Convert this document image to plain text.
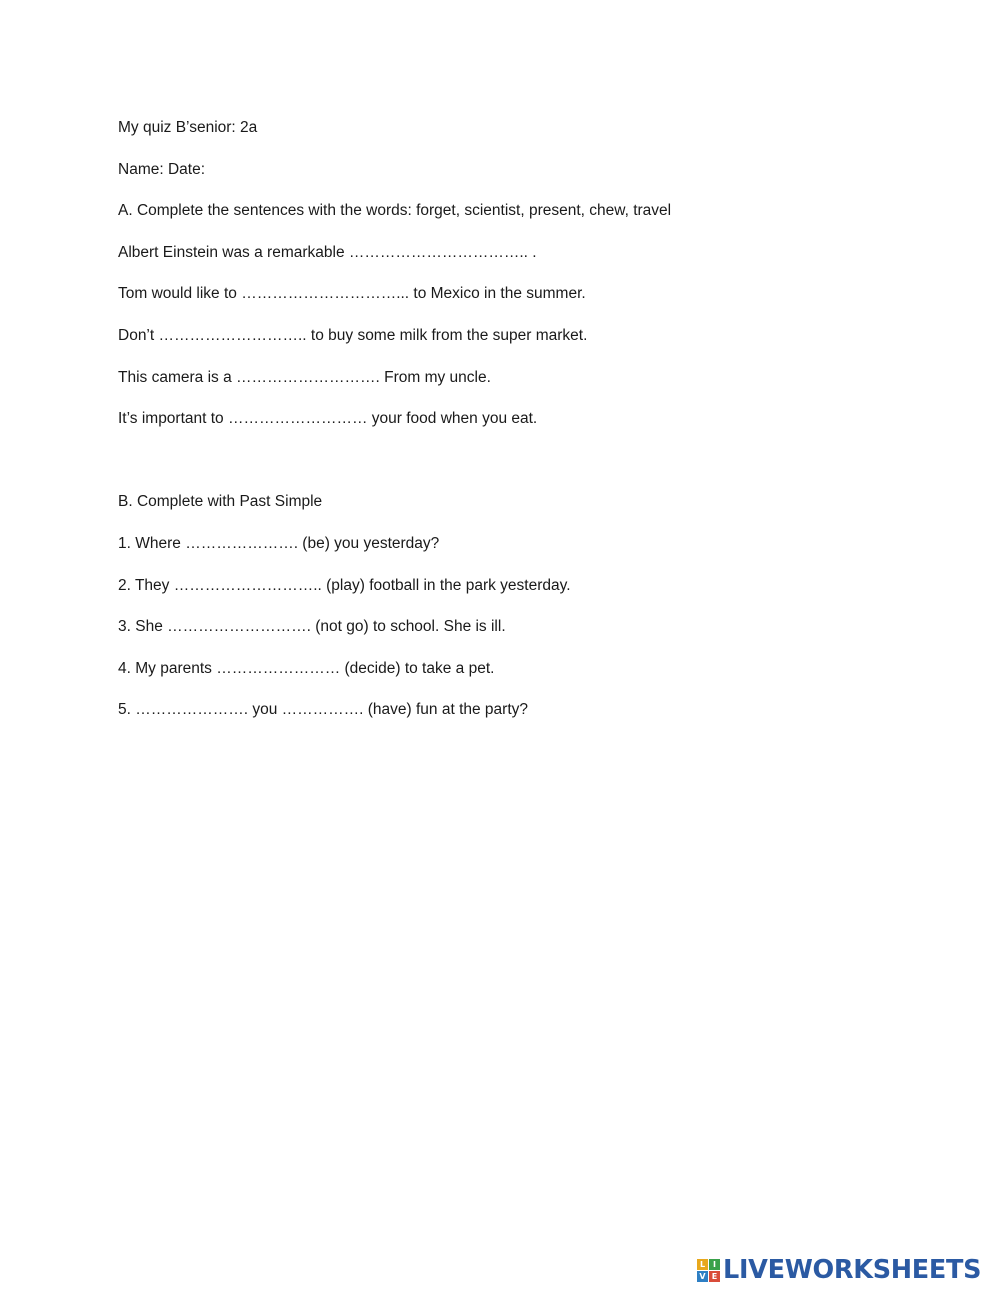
My quiz B’senior: 2a
Name: Date:
A. Complete the sentences with the words: forget, scientist, present, chew, travel
Albert Einstein was a remarkable …………………………….. .
Tom would like to …………………………... to Mexico in the summer.
Don’t ……………………….. to buy some milk from the super market.
This camera is a ………………………. From my uncle.
It’s important to ……………………… your food when you eat.
B. Complete with Past Simple
1. Where …………………. (be) you yesterday?
2. They ……………………….. (play) football in the park yesterday.
3. She ………………………. (not go) to school. She is ill.
4. My parents …………………… (decide) to take a pet.
5. …………………. you ……………. (have) fun at the party?
L I
V E LIVEWORKSHEETS
